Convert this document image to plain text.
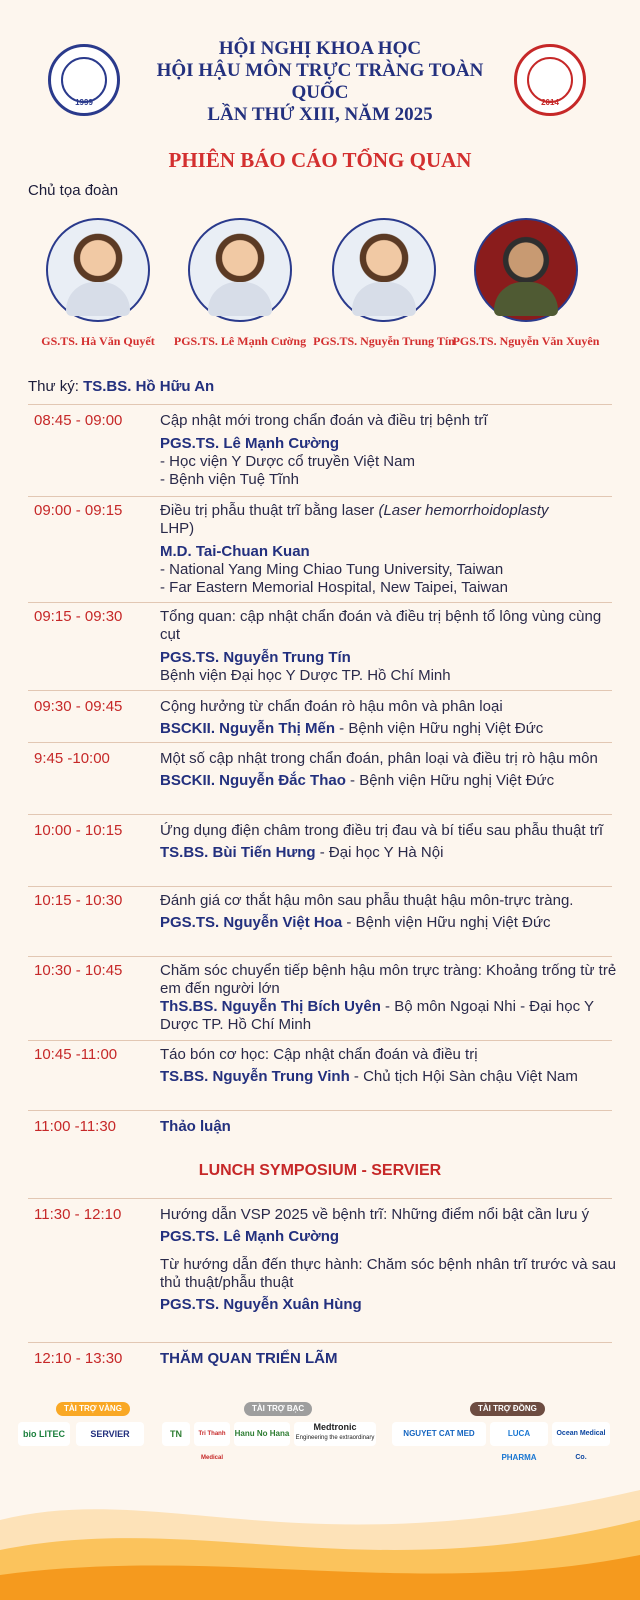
1999
HỘI NGHỊ KHOA HỌC
HỘI HẬU MÔN TRỰC TRÀNG TOÀN QUỐC
LẦN THỨ XIII, NĂM 2025
2014
PHIÊN BÁO CÁO TỔNG QUAN
Chủ tọa đoàn
GS.TS. Hà Văn Quyết	PGS.TS. Lê Mạnh Cường PGS.TS. Nguyễn Trung Tín
PGS.TS. Nguyễn Văn Xuyên
Thư ký: TS.BS. Hồ Hữu An
08:45 - 09:00	Cập nhật mới trong chẩn đoán và điều trị bệnh trĩ
PGS.TS. Lê Mạnh Cường
- Học viện Y Dược cổ truyền Việt Nam
- Bệnh viện Tuệ Tĩnh
09:00 - 09:15	Điều trị phẫu thuật trĩ bằng laser (Laser hemorrhoidoplasty
LHP)
M.D. Tai-Chuan Kuan
- National Yang Ming Chiao Tung University, Taiwan
- Far Eastern Memorial Hospital, New Taipei, Taiwan
09:15 - 09:30	Tổng quan: cập nhật chẩn đoán và điều trị bệnh tổ lông vùng cùng cụt
PGS.TS. Nguyễn Trung Tín
Bệnh viện Đại học Y Dược TP. Hồ Chí Minh
09:30 - 09:45	Cộng hưởng từ chẩn đoán rò hậu môn và phân loại
BSCKII. Nguyễn Thị Mến - Bệnh viện Hữu nghị Việt Đức
9:45 -10:00	Một số cập nhật trong chẩn đoán, phân loại và điều trị rò hậu môn
BSCKII. Nguyễn Đắc Thao - Bệnh viện Hữu nghị Việt Đức
10:00 - 10:15	Ứng dụng điện châm trong điều trị đau và bí tiểu sau phẫu thuật trĩ
TS.BS. Bùi Tiến Hưng - Đại học Y Hà Nội
10:15 - 10:30	Đánh giá cơ thắt hậu môn sau phẫu thuật hậu môn-trực tràng.
PGS.TS. Nguyễn Việt Hoa - Bệnh viện Hữu nghị Việt Đức
10:30 - 10:45	Chăm sóc chuyển tiếp bệnh hậu môn trực tràng: Khoảng trống từ trẻ em đến người lớn
ThS.BS. Nguyễn Thị Bích Uyên - Bộ môn Ngoại Nhi - Đại học Y Dược TP. Hồ Chí Minh
10:45 -11:00	Táo bón cơ học: Cập nhật chẩn đoán và điều trị
TS.BS. Nguyễn Trung Vinh - Chủ tịch Hội Sàn chậu Việt Nam
11:00 -11:30	Thảo luận
LUNCH SYMPOSIUM - SERVIER
11:30 - 12:10	Hướng dẫn VSP 2025 về bệnh trĩ: Những điểm nổi bật cần lưu ý
PGS.TS. Lê Mạnh Cường
Từ hướng dẫn đến thực hành: Chăm sóc bệnh nhân trĩ trước và sau thủ thuật/phẫu thuật
PGS.TS. Nguyễn Xuân Hùng
12:10 - 13:30	THĂM QUAN TRIỂN LÃM
TÀI TRỢ VÀNG	TÀI TRỢ BẠC	TÀI TRỢ ĐỒNG
bio LITEC	SERVIER	TN	Tri Thanh Medical
Hanu No Hana
Medtronic
Engineering the extraordinary	NGUYET CAT MED	LUCA PHARMA
Ocean Medical Co.
